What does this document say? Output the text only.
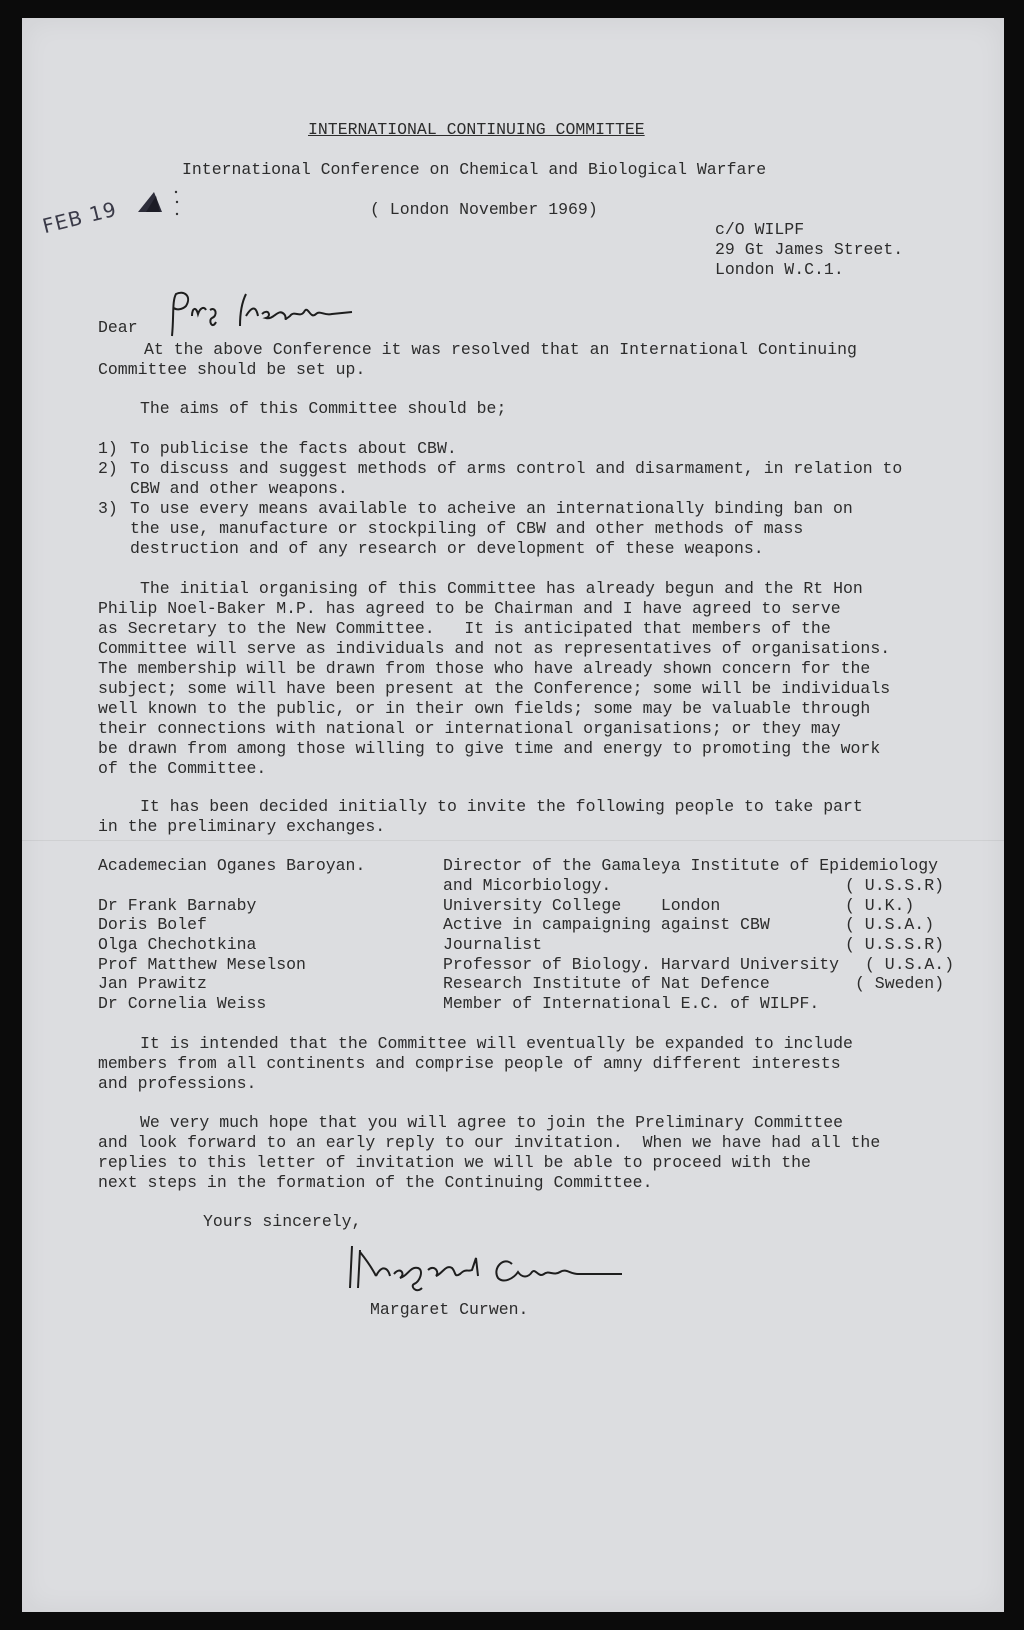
INTERNATIONAL CONTINUING COMMITTEE

International Conference on Chemical and Biological Warfare

( London November 1969)

FEB 19	c/O WILPF

29 Gt James Street.

London W.C.1.

Dear

At the above Conference it was resolved that an International Continuing

Committee should be set up.

The aims of this Committee should be;

1) To publicise the facts about CBW.

2) To discuss and suggest methods of arms control and disarmament, in relation to

CBW and other weapons.

3) To use every means available to acheive an internationally binding ban on

the use, manufacture or stockpiling of CBW and other methods of mass

destruction and of any research or development of these weapons.

The initial organising of this Committee has already begun and the Rt Hon

Philip Noel-Baker M.P. has agreed to be Chairman and I have agreed to serve

as Secretary to the New Committee.   It is anticipated that members of the

Committee will serve as individuals and not as representatives of organisations.

The membership will be drawn from those who have already shown concern for the

subject; some will have been present at the Conference; some will be individuals

well known to the public, or in their own fields; some may be valuable through

their connections with national or international organisations; or they may

be drawn from among those willing to give time and energy to promoting the work

of the Committee.

It has been decided initially to invite the following people to take part

in the preliminary exchanges.

Academecian Oganes Baroyan.	Director of the Gamaleya Institute of Epidemiology

and Micorbiology.	( U.S.S.R)

Dr Frank Barnaby	University College    London	( U.K.)

Doris Bolef	Active in campaigning against CBW	( U.S.A.)

Olga Chechotkina	Journalist	( U.S.S.R)

Prof Matthew Meselson	Professor of Biology. Harvard University ( U.S.A.)

Jan Prawitz	Research Institute of Nat Defence	( Sweden)

Dr Cornelia Weiss	Member of International E.C. of WILPF.

It is intended that the Committee will eventually be expanded to include

members from all continents and comprise people of amny different interests

and professions.

We very much hope that you will agree to join the Preliminary Committee

and look forward to an early reply to our invitation.  When we have had all the

replies to this letter of invitation we will be able to proceed with the

next steps in the formation of the Continuing Committee.

Yours sincerely,

Margaret Curwen.
